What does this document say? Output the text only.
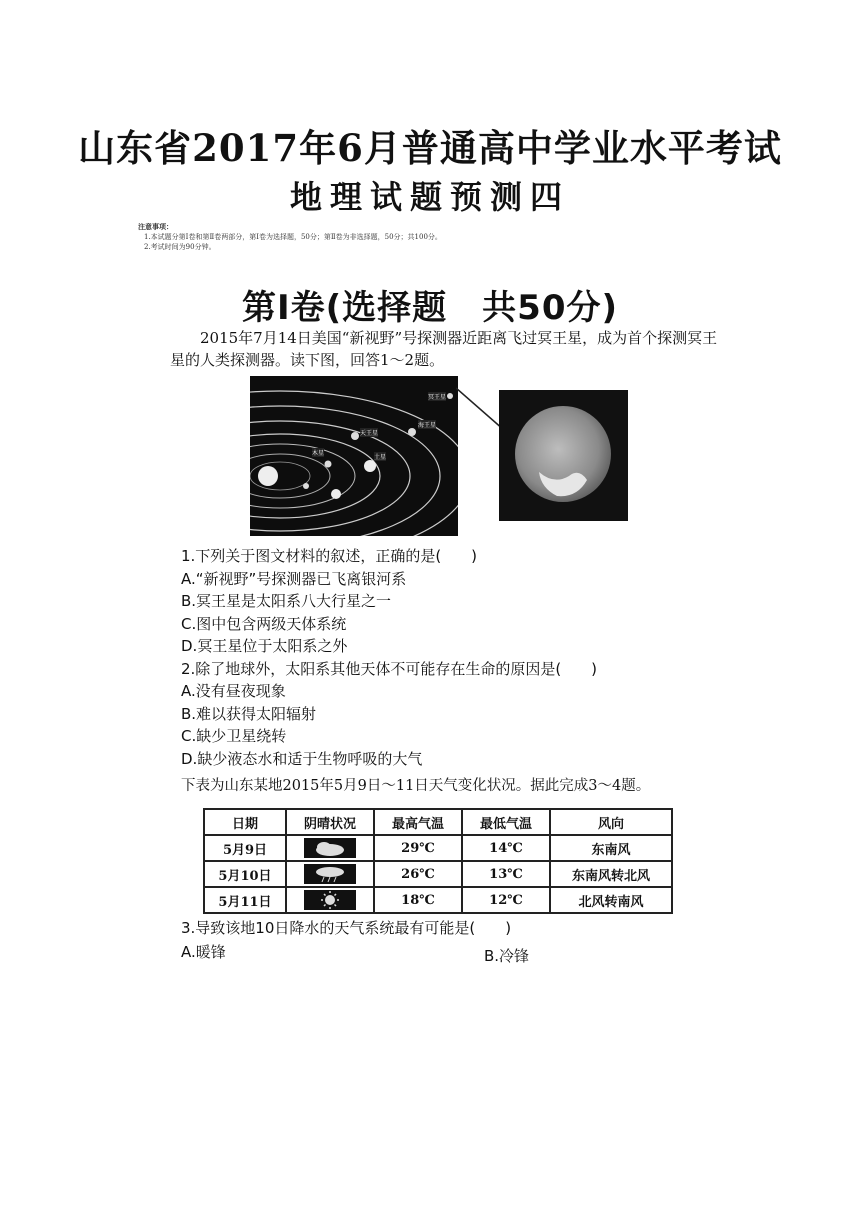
山东省2017年6月普通高中学业水平考试
地理试题预测四
注意事项：
1.本试题分第Ⅰ卷和第Ⅱ卷两部分，第Ⅰ卷为选择题，50分；第Ⅱ卷为非选择题，50分；共100分。
2.考试时间为90分钟。
第Ⅰ卷(选择题　共50分)
2015年7月14日美国“新视野”号探测器近距离飞过冥王星，成为首个探测冥王星的人类探测器。读下图，回答1～2题。
海王星
冥王星
天王星
土星
木星
1.下列关于图文材料的叙述，正确的是(　　)
A.“新视野”号探测器已飞离银河系
B.冥王星是太阳系八大行星之一
C.图中包含两级天体系统
D.冥王星位于太阳系之外
2.除了地球外，太阳系其他天体不可能存在生命的原因是(　　)
A.没有昼夜现象
B.难以获得太阳辐射
C.缺少卫星绕转
D.缺少液态水和适于生物呼吸的大气
下表为山东某地2015年5月9日～11日天气变化状况。据此完成3～4题。
日期	阴晴状况	最高气温	最低气温	风向
5月9日		29℃	14℃	东南风
5月10日		26℃	13℃	东南风转北风
5月11日		18℃	12℃	北风转南风
3.导致该地10日降水的天气系统最有可能是(　　)
A.暖锋	B.冷锋
